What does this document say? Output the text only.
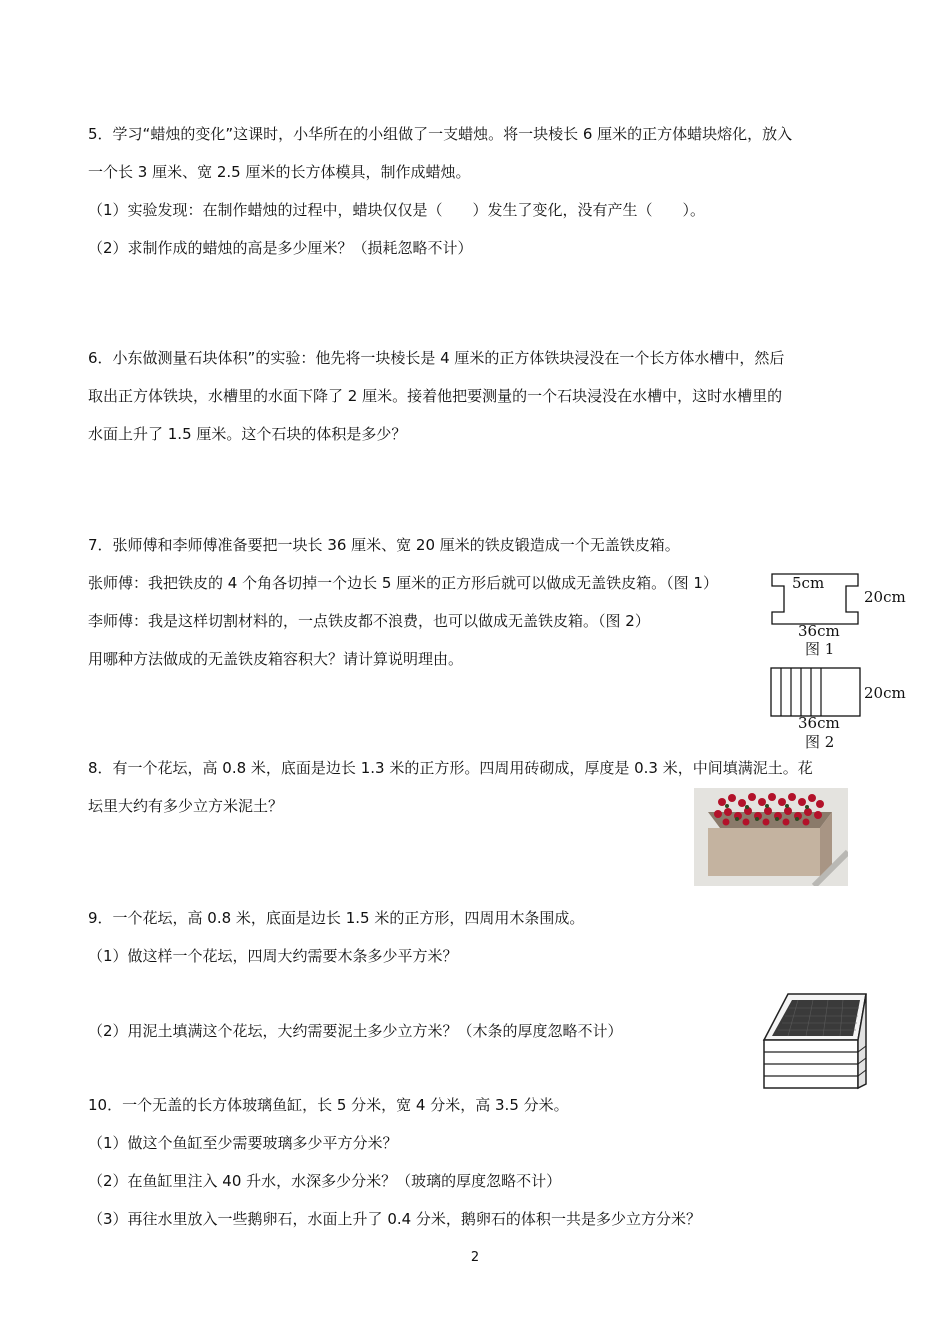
5．学习“蜡烛的变化”这课时，小华所在的小组做了一支蜡烛。将一块棱长 6 厘米的正方体蜡块熔化，放入
一个长 3 厘米、宽 2.5 厘米的长方体模具，制作成蜡烛。
（1）实验发现：在制作蜡烛的过程中，蜡块仅仅是（　　）发生了变化，没有产生（　　）。
（2）求制作成的蜡烛的高是多少厘米？（损耗忽略不计）
6．小东做测量石块体积”的实验：他先将一块棱长是 4 厘米的正方体铁块浸没在一个长方体水槽中，然后
取出正方体铁块，水槽里的水面下降了 2 厘米。接着他把要测量的一个石块浸没在水槽中，这时水槽里的
水面上升了 1.5 厘米。这个石块的体积是多少？
7．张师傅和李师傅准备要把一块长 36 厘米、宽 20 厘米的铁皮锻造成一个无盖铁皮箱。
张师傅：我把铁皮的 4 个角各切掉一个边长 5 厘米的正方形后就可以做成无盖铁皮箱。（图 1）
李师傅：我是这样切割材料的，一点铁皮都不浪费，也可以做成无盖铁皮箱。（图 2）
用哪种方法做成的无盖铁皮箱容积大？请计算说明理由。
5cm
20cm
36cm
图 1
20cm
36cm
图 2
8．有一个花坛，高 0.8 米，底面是边长 1.3 米的正方形。四周用砖砌成，厚度是 0.3 米，中间填满泥土。花
坛里大约有多少立方米泥土？
9．一个花坛，高 0.8 米，底面是边长 1.5 米的正方形，四周用木条围成。
（1）做这样一个花坛，四周大约需要木条多少平方米？
（2）用泥土填满这个花坛，大约需要泥土多少立方米？（木条的厚度忽略不计）
10．一个无盖的长方体玻璃鱼缸，长 5 分米，宽 4 分米，高 3.5 分米。
（1）做这个鱼缸至少需要玻璃多少平方分米？
（2）在鱼缸里注入 40 升水，水深多少分米？（玻璃的厚度忽略不计）
（3）再往水里放入一些鹅卵石，水面上升了 0.4 分米，鹅卵石的体积一共是多少立方分米？
2
